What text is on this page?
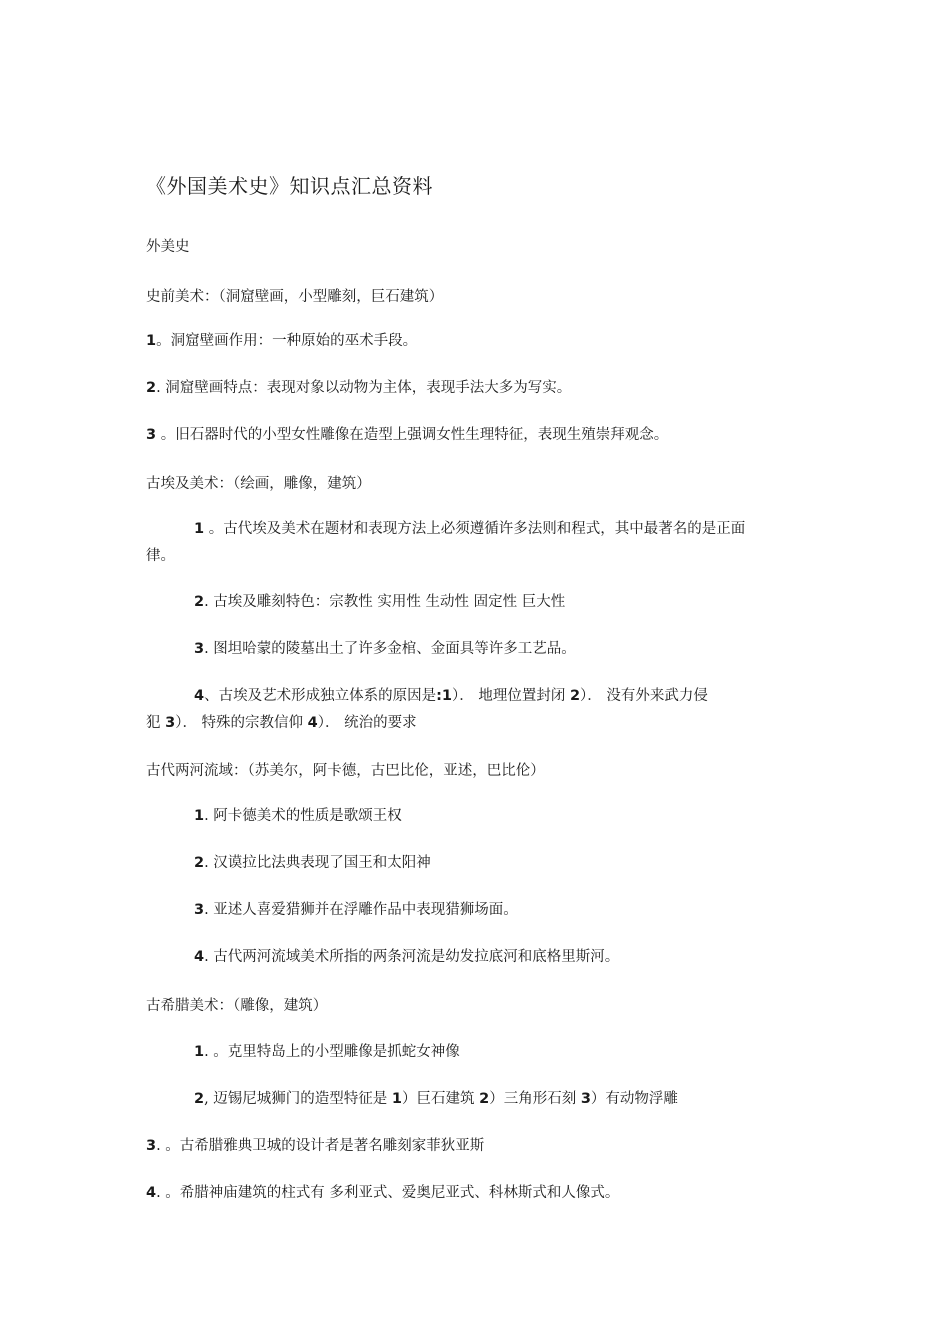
《外国美术史》知识点汇总资料
外美史
史前美术：（洞窟壁画，小型雕刻，巨石建筑）
1。洞窟壁画作用：一种原始的巫术手段。
2. 洞窟壁画特点：表现对象以动物为主体，表现手法大多为写实。
3 。旧石器时代的小型女性雕像在造型上强调女性生理特征，表现生殖崇拜观念。
古埃及美术：（绘画，雕像，建筑）
1 。古代埃及美术在题材和表现方法上必须遵循许多法则和程式，其中最著名的是正面
律。
2. 古埃及雕刻特色：宗教性 实用性 生动性 固定性 巨大性
3. 图坦哈蒙的陵墓出土了许多金棺、金面具等许多工艺品。
4、古埃及艺术形成独立体系的原因是:1）． 地理位置封闭 2）． 没有外来武力侵
犯 3）． 特殊的宗教信仰 4）． 统治的要求
古代两河流域：（苏美尔，阿卡德，古巴比伦，亚述，巴比伦）
1. 阿卡德美术的性质是歌颂王权
2. 汉谟拉比法典表现了国王和太阳神
3. 亚述人喜爱猎狮并在浮雕作品中表现猎狮场面。
4. 古代两河流域美术所指的两条河流是幼发拉底河和底格里斯河。
古希腊美术：（雕像，建筑）
1. 。克里特岛上的小型雕像是抓蛇女神像
2, 迈锡尼城狮门的造型特征是 1）巨石建筑 2）三角形石刻 3）有动物浮雕
3. 。古希腊雅典卫城的设计者是著名雕刻家菲狄亚斯
4. 。希腊神庙建筑的柱式有 多利亚式、爱奥尼亚式、科林斯式和人像式。
